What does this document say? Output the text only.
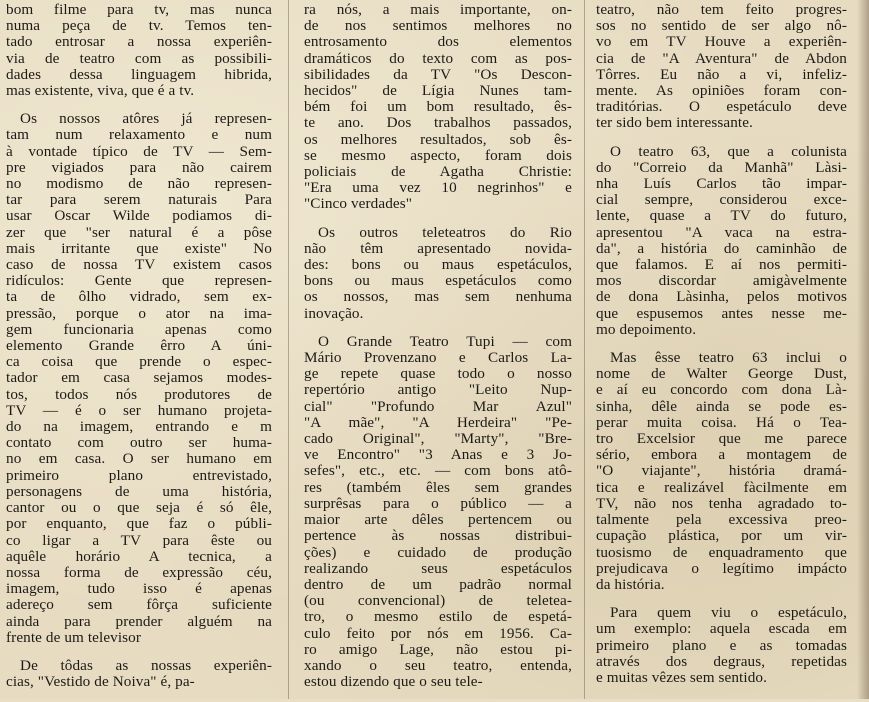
bom filme para tv, mas nunca
numa peça de tv. Temos ten-
tado entrosar a nossa experiên-
via de teatro com as possibili-
dades dessa linguagem hibrida,
mas existente, viva, que é a tv.

Os nossos atôres já represen-
tam num relaxamento e num
à vontade típico de TV — Sem-
pre vigiados para não cairem
no modismo de não represen-
tar para serem naturais Para
usar Oscar Wilde podiamos di-
zer que "ser natural é a pôse
mais irritante que existe" No
caso de nossa TV existem casos
ridículos: Gente que represen-
ta de ôlho vidrado, sem ex-
pressão, porque o ator na ima-
gem funcionaria apenas como
elemento Grande êrro A úni-
ca coisa que prende o espec-
tador em casa sejamos modes-
tos, todos nós produtores de
TV — é o ser humano projeta-
do na imagem, entrando e m
contato com outro ser huma-
no em casa. O ser humano em
primeiro plano entrevistado,
personagens de uma história,
cantor ou o que seja é só êle,
por enquanto, que faz o públi-
co ligar a TV para êste ou
aquêle horário A tecnica, a
nossa forma de expressão céu,
imagem, tudo isso é apenas
adereço sem fôrça suficiente
ainda para prender alguém na
frente de um televisor

De tôdas as nossas experiên-
cias, "Vestido de Noiva" é, pa-

ra nós, a mais importante, on-
de nos sentimos melhores no
entrosamento dos elementos
dramáticos do texto com as pos-
sibilidades da TV "Os Descon-
hecidos" de Lígia Nunes tam-
bém foi um bom resultado, ês-
te ano. Dos trabalhos passados,
os melhores resultados, sob ês-
se mesmo aspecto, foram dois
policiais de Agatha Christie:
"Era uma vez 10 negrinhos" e
"Cinco verdades"

Os outros teleteatros do Rio
não têm apresentado novida-
des: bons ou maus espetáculos,
bons ou maus espetáculos como
os nossos, mas sem nenhuma
inovação.

O Grande Teatro Tupi — com
Mário Provenzano e Carlos La-
ge repete quase todo o nosso
repertório antigo "Leito Nup-
cial" "Profundo Mar Azul"
"A mãe", "A Herdeira" "Pe-
cado Original", "Marty", "Bre-
ve Encontro" "3 Anas e 3 Jo-
sefes", etc., etc. — com bons atô-
res (também êles sem grandes
surprêsas para o público — a
maior arte dêles pertencem ou
pertence às nossas distribui-
ções) e cuidado de produção
realizando seus espetáculos
dentro de um padrão normal
(ou convencional) de teletea-
tro, o mesmo estilo de espetá-
culo feito por nós em 1956. Ca-
ro amigo Lage, não estou pi-
xando o seu teatro, entenda,
estou dizendo que o seu tele-

teatro, não tem feito progres-
sos no sentido de ser algo nô-
vo em TV Houve a experiên-
cia de "A Aventura" de Abdon
Tôrres. Eu não a vi, infeliz-
mente. As opiniões foram con-
traditórias. O espetáculo deve
ter sido bem interessante.

O teatro 63, que a colunista
do "Correio da Manhã" Làsi-
nha Luís Carlos tão impar-
cial sempre, considerou exce-
lente, quase a TV do futuro,
apresentou "A vaca na estra-
da", a história do caminhão de
que falamos. E aí nos permiti-
mos discordar amigàvelmente
de dona Làsinha, pelos motivos
que espusemos antes nesse me-
mo depoimento.

Mas êsse teatro 63 inclui o
nome de Walter George Dust,
e aí eu concordo com dona Là-
sinha, dêle ainda se pode es-
perar muita coisa. Há o Tea-
tro Excelsior que me parece
sério, embora a montagem de
"O viajante", história dramá-
tica e realizável fàcilmente em
TV, não nos tenha agradado to-
talmente pela excessiva preo-
cupação plástica, por um vir-
tuosismo de enquadramento que
prejudicava o legítimo impácto
da história.

Para quem viu o espetáculo,
um exemplo: aquela escada em
primeiro plano e as tomadas
através dos degraus, repetidas
e muitas vêzes sem sentido.
